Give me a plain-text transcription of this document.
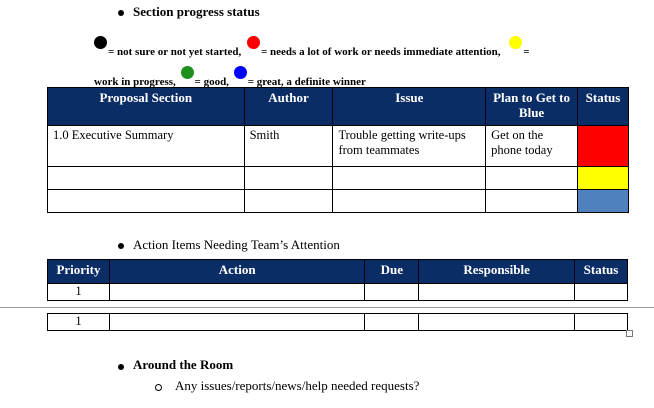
Section progress status
= not sure or not yet started, = needs a lot of work or needs immediate attention, =
work in progress, = good, = great, a definite winner
Proposal Section	Author	Issue	Plan to Get to Blue	Status

1.0 Executive Summary	Smith	Trouble getting write-ups from teammates	Get on the phone today	

Action Items Needing Team’s Attention
Priority	Action	Due	Responsible	Status

1				
1				
Around the Room
Any issues/reports/news/help needed requests?
